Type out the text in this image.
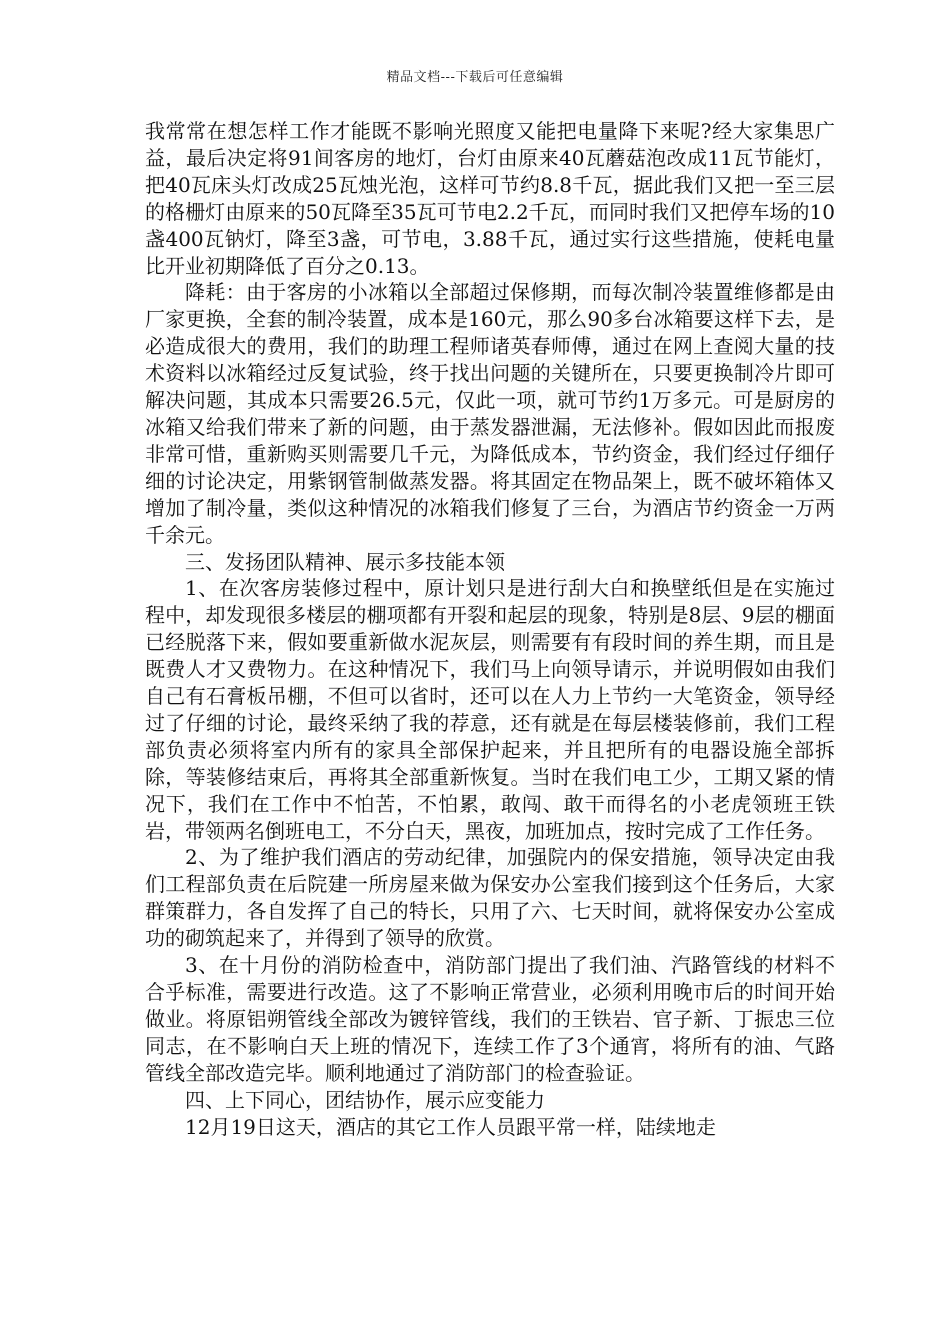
精品文档---下载后可任意编辑

我常常在想怎样工作才能既不影响光照度又能把电量降下来呢?经大家集思广益，最后决定将91间客房的地灯，台灯由原来40瓦蘑菇泡改成11瓦节能灯，把40瓦床头灯改成25瓦烛光泡，这样可节约8.8千瓦，据此我们又把一至三层的格栅灯由原来的50瓦降至35瓦可节电2.2千瓦，而同时我们又把停车场的10盏400瓦钠灯，降至3盏，可节电，3.88千瓦，通过实行这些措施，使耗电量比开业初期降低了百分之0.13。

降耗：由于客房的小冰箱以全部超过保修期，而每次制冷装置维修都是由厂家更换，全套的制冷装置，成本是160元，那么90多台冰箱要这样下去，是必造成很大的费用，我们的助理工程师诸英春师傅，通过在网上查阅大量的技术资料以冰箱经过反复试验，终于找出问题的关键所在，只要更换制冷片即可解决问题，其成本只需要26.5元，仅此一项，就可节约1万多元。可是厨房的冰箱又给我们带来了新的问题，由于蒸发器泄漏，无法修补。假如因此而报废非常可惜，重新购买则需要几千元，为降低成本，节约资金，我们经过仔细仔细的讨论决定，用紫钢管制做蒸发器。将其固定在物品架上，既不破坏箱体又增加了制冷量，类似这种情况的冰箱我们修复了三台，为酒店节约资金一万两千余元。

三、发扬团队精神、展示多技能本领

1、在次客房装修过程中，原计划只是进行刮大白和换壁纸但是在实施过程中，却发现很多楼层的棚项都有开裂和起层的现象，特别是8层、9层的棚面已经脱落下来，假如要重新做水泥灰层，则需要有有段时间的养生期，而且是既费人才又费物力。在这种情况下，我们马上向领导请示，并说明假如由我们自己有石膏板吊棚，不但可以省时，还可以在人力上节约一大笔资金，领导经过了仔细的讨论，最终采纳了我的荐意，还有就是在每层楼装修前，我们工程部负责必须将室内所有的家具全部保护起来，并且把所有的电器设施全部拆除，等装修结束后，再将其全部重新恢复。当时在我们电工少，工期又紧的情况下，我们在工作中不怕苦，不怕累，敢闯、敢干而得名的小老虎领班王铁岩，带领两名倒班电工，不分白天，黑夜，加班加点，按时完成了工作任务。

2、为了维护我们酒店的劳动纪律，加强院内的保安措施，领导决定由我们工程部负责在后院建一所房屋来做为保安办公室我们接到这个任务后，大家群策群力，各自发挥了自己的特长，只用了六、七天时间，就将保安办公室成功的砌筑起来了，并得到了领导的欣赏。

3、在十月份的消防检查中，消防部门提出了我们油、汽路管线的材料不合乎标准，需要进行改造。这了不影响正常营业，必须利用晚市后的时间开始做业。将原铝朔管线全部改为镀锌管线，我们的王铁岩、官子新、丁振忠三位同志，在不影响白天上班的情况下，连续工作了3个通宵，将所有的油、气路管线全部改造完毕。顺利地通过了消防部门的检查验证。

四、上下同心，团结协作，展示应变能力

12月19日这天，酒店的其它工作人员跟平常一样，陆续地走
